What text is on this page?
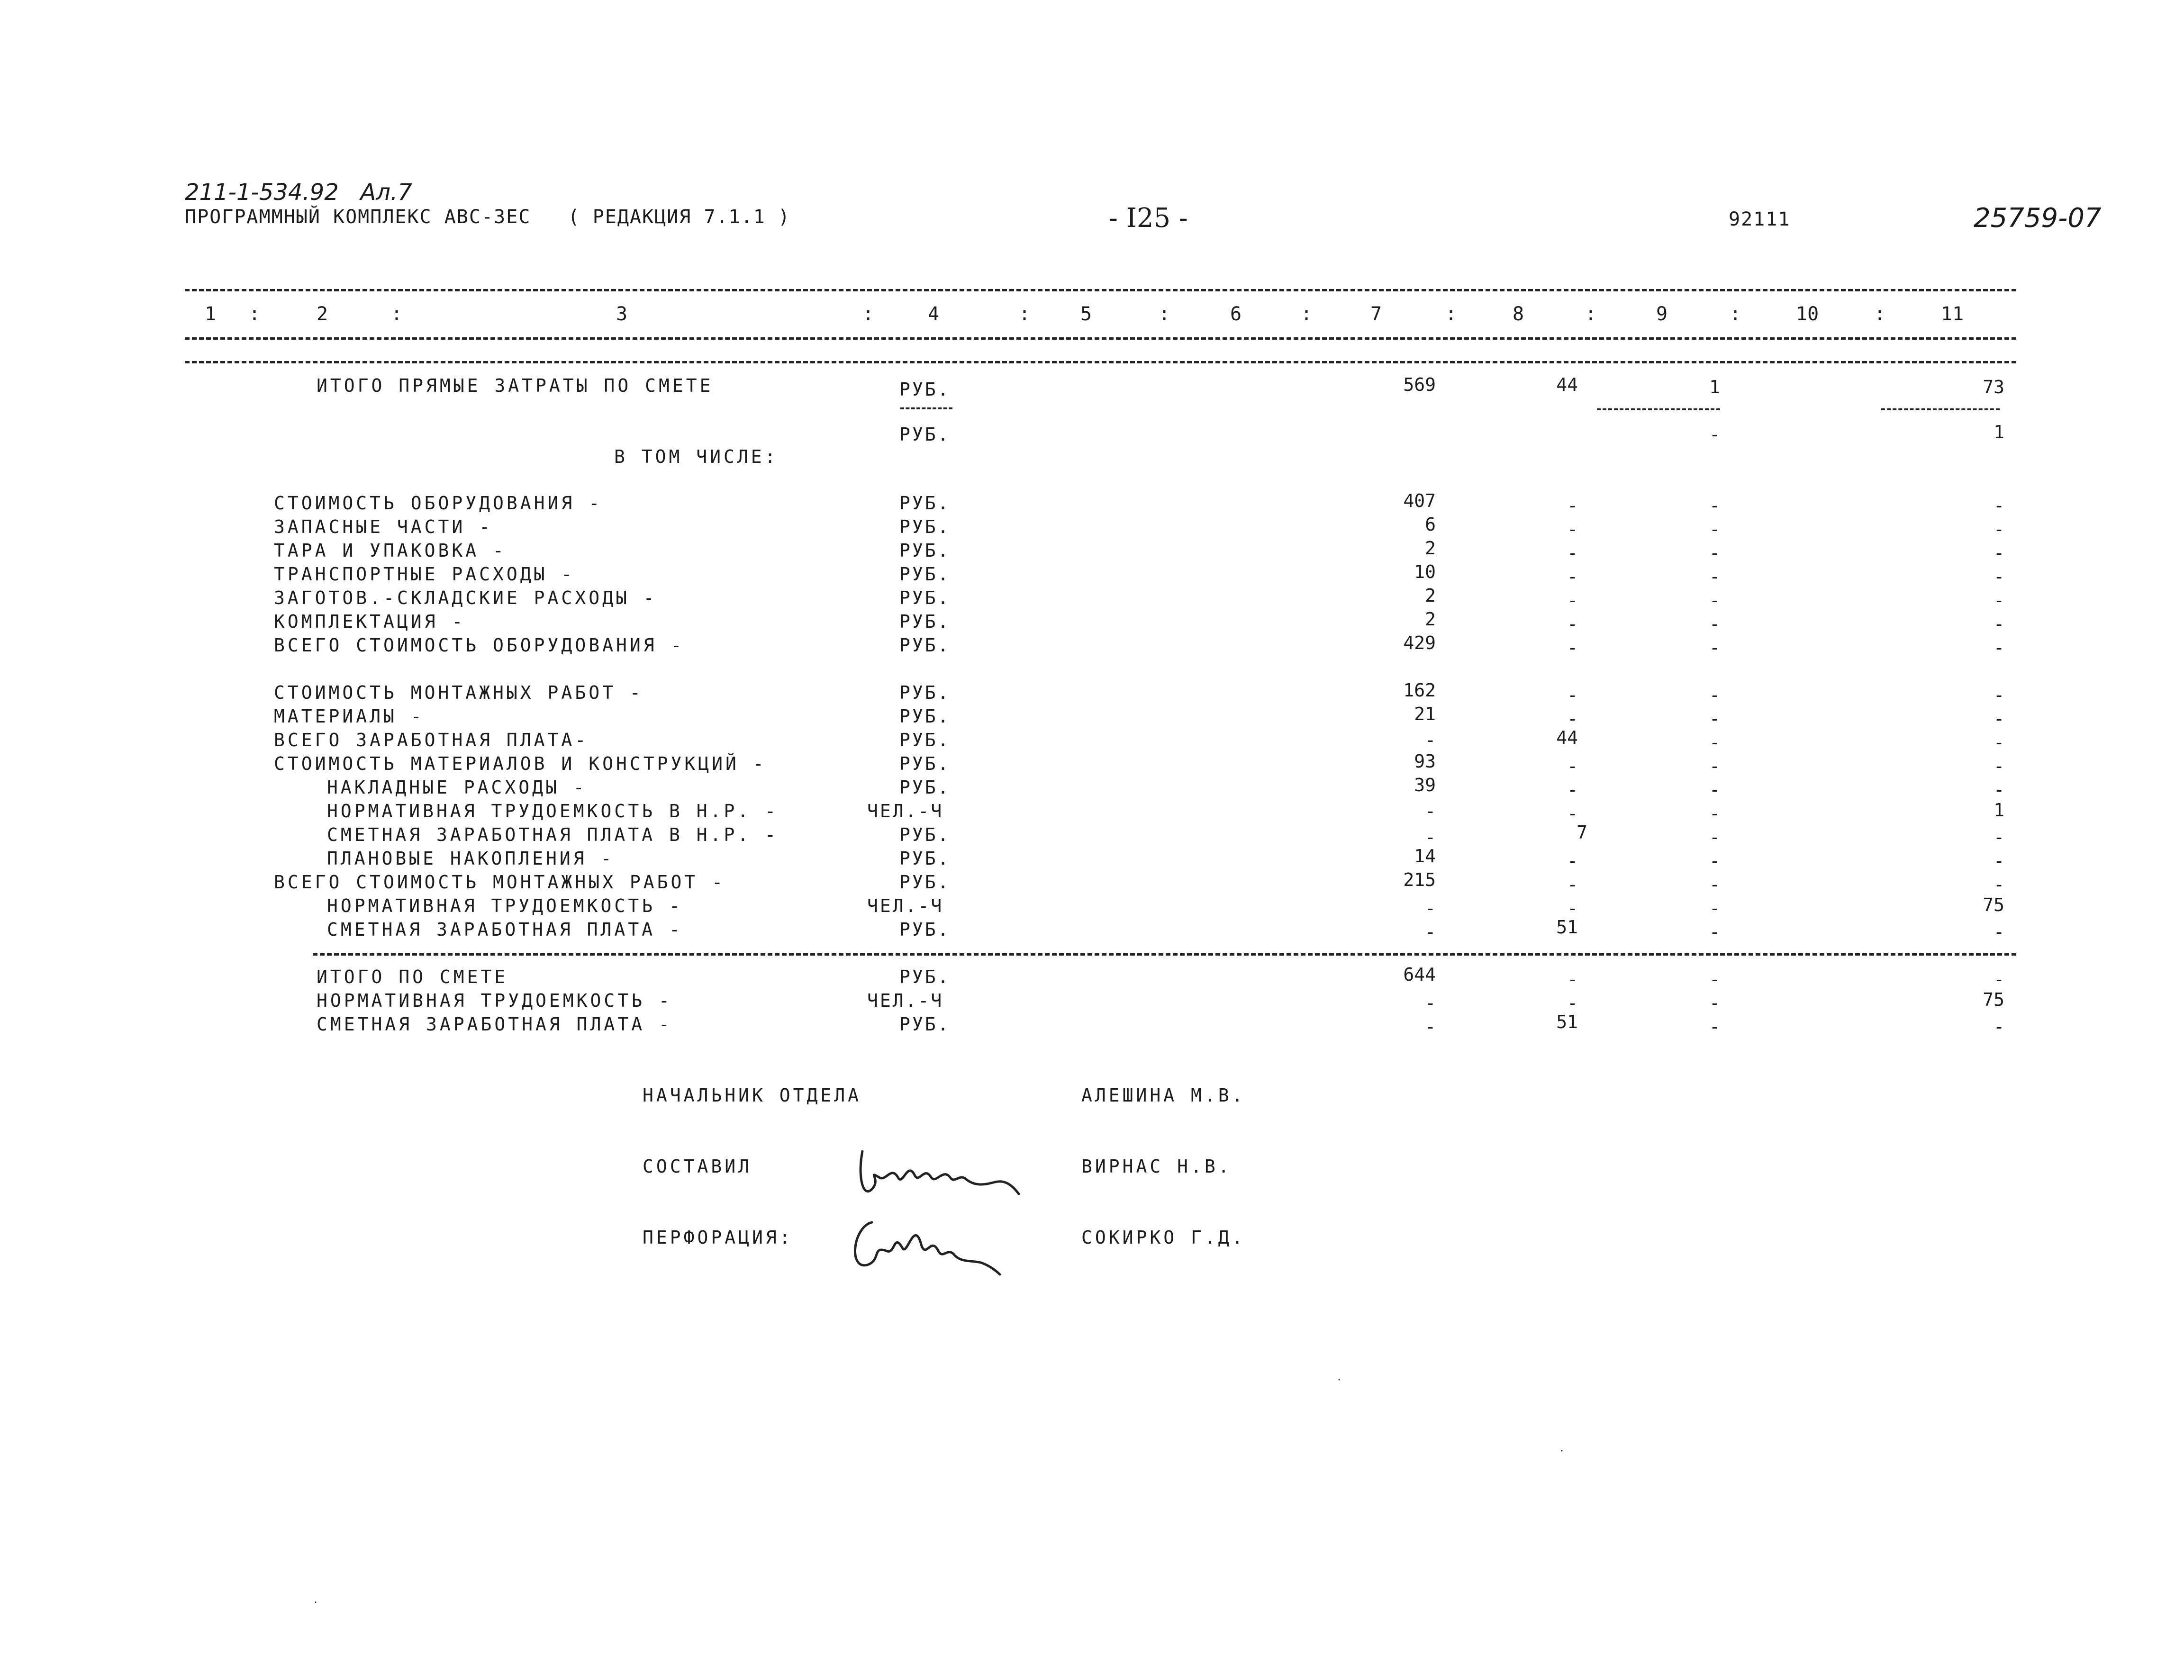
211-1-534.92 Ал.7
ПРОГРАММНЫЙ КОМПЛЕКС АВС-3ЕС ( РЕДАКЦИЯ 7.1.1 )	- I25 -	92111	25759-07
1	2	3	4	5	6	7	8	9	10	11
:	:	:	:	:	:	:	:	:	:
ИТОГО ПРЯМЫЕ ЗАТРАТЫ ПО СМЕТЕ	РУБ.	569	44	1	73
РУБ.	-	1
В ТОМ ЧИСЛЕ:
СТОИМОСТЬ ОБОРУДОВАНИЯ -	РУБ.	407	-	-	-
ЗАПАСНЫЕ ЧАСТИ -	РУБ.	6	-	-	-
ТАРА И УПАКОВКА -	РУБ.	2	-	-	-
ТРАНСПОРТНЫЕ РАСХОДЫ -	РУБ.	10	-	-	-
ЗАГОТОВ.-СКЛАДСКИЕ РАСХОДЫ -	РУБ.	2	-	-	-
КОМПЛЕКТАЦИЯ -	РУБ.	2	-	-	-
ВСЕГО СТОИМОСТЬ ОБОРУДОВАНИЯ -	РУБ.	429	-	-	-
СТОИМОСТЬ МОНТАЖНЫХ РАБОТ -	РУБ.	162	-	-	-
МАТЕРИАЛЫ -	РУБ.	21	-	-	-
ВСЕГО ЗАРАБОТНАЯ ПЛАТА-	РУБ.	-	44	-	-
СТОИМОСТЬ МАТЕРИАЛОВ И КОНСТРУКЦИЙ -	РУБ.	93	-	-	-
НАКЛАДНЫЕ РАСХОДЫ -	РУБ.	39	-	-	-
НОРМАТИВНАЯ ТРУДОЕМКОСТЬ В Н.Р. -	ЧЕЛ.-Ч	-	-	-	1
СМЕТНАЯ ЗАРАБОТНАЯ ПЛАТА В Н.Р. -	РУБ.	-	7	-	-
ПЛАНОВЫЕ НАКОПЛЕНИЯ -	РУБ.	14	-	-	-
ВСЕГО СТОИМОСТЬ МОНТАЖНЫХ РАБОТ -	РУБ.	215	-	-	-
НОРМАТИВНАЯ ТРУДОЕМКОСТЬ -	ЧЕЛ.-Ч	-	-	-	75
СМЕТНАЯ ЗАРАБОТНАЯ ПЛАТА -	РУБ.	-	51	-	-
ИТОГО ПО СМЕТЕ	РУБ.	644	-	-	-
НОРМАТИВНАЯ ТРУДОЕМКОСТЬ -	ЧЕЛ.-Ч	-	-	-	75
СМЕТНАЯ ЗАРАБОТНАЯ ПЛАТА -	РУБ.	-	51	-	-
НАЧАЛЬНИК ОТДЕЛА	АЛЕШИНА М.В.
СОСТАВИЛ	ВИРНАС Н.В.
ПЕРФОРАЦИЯ:	СОКИРКО Г.Д.
·
·
·
